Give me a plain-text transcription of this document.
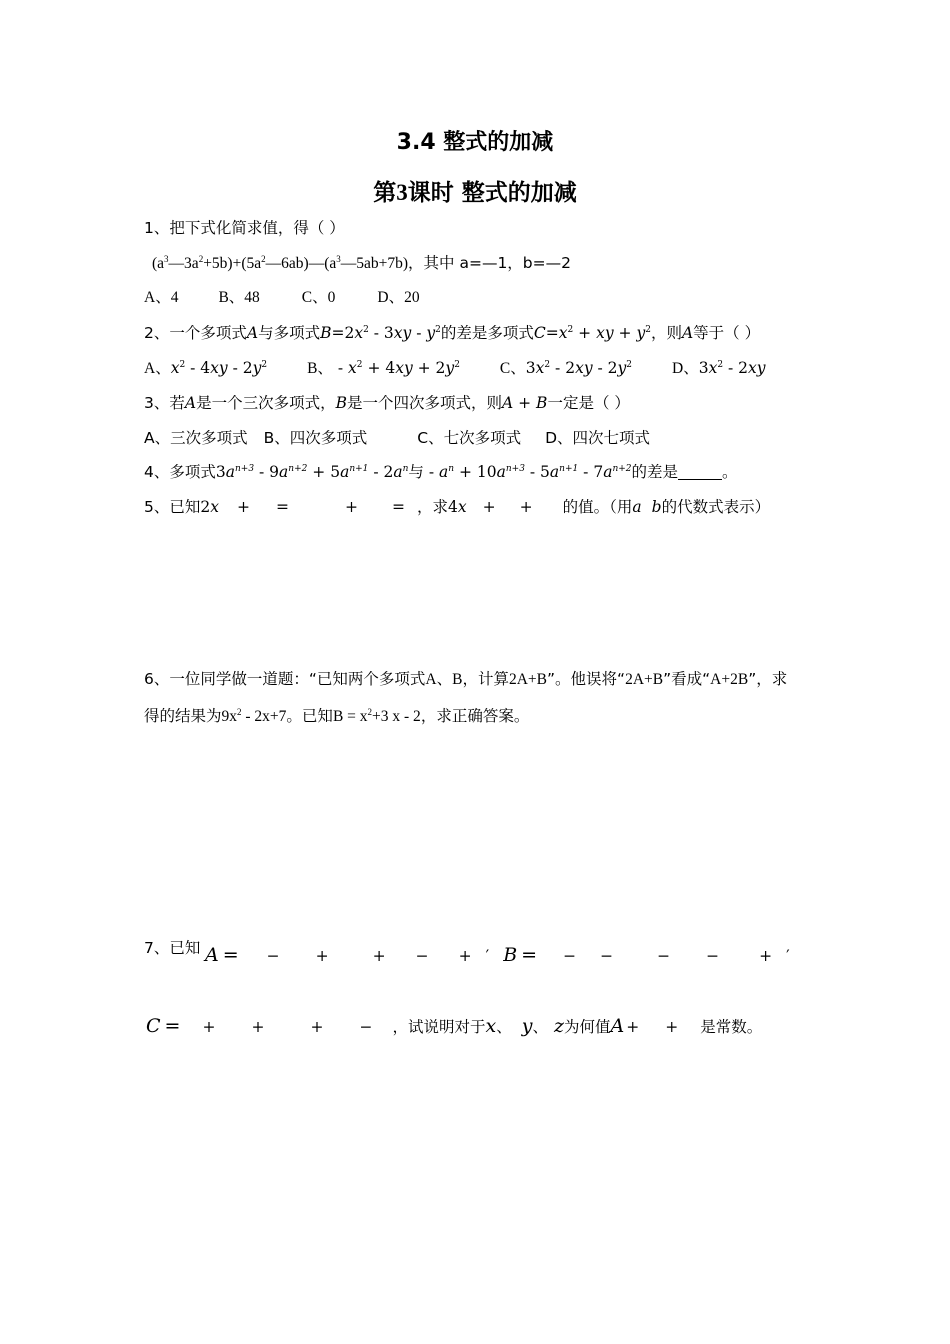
3.4 整式的加减
第3课时 整式的加减
1、把下式化简求值，得（ ）
$(a^3—3a^2+5b)+(5a^2—6ab)—(a^3—5ab+7b)$，其中 a=—1，b=—2
A、4	B、48	C、0	D、20
2、一个多项式A与多项式$B=2x^2 - 3xy - y^2$的差是多项式$C=x^2$ + xy + $y^2$，则A等于（ ）
A、$x^2 - 4xy - 2y^2$	B、 - $x^2 + 4xy + 2y^2$	C、$3x^2 - 2xy - 2y^2$	D、$3x^2 - 2xy$
3、若A是一个三次多项式，B是一个四次多项式，则A + B一定是（ ）
A、三次多项式 B、四次多项式	C、七次多项式 D、四次七项式
4、多项式$3a^{n+3} - 9a^{n+2} + 5a^{n+1} - 2a^n$与 - $a^n + 10a^{n+3} - 5a^{n+1} - 7a^{n+2}$的差是	。
5、已知2x + =	+ = ，求4x + + 的值。（用a b的代数式表示）
6、一位同学做一道题：“已知两个多项式A、B，计算2A+B”。他误将“2A+B”看成“A+2B”，求
得的结果为$9x^2 - 2x+7$。已知$B = x^2+3$ x - 2，求正确答案。
7、已知 A = − +	+ − + ′ B = − −	− −	+ ′
C = + +	+ − ，试说明对于x、 y、 z为何值A + + 是常数。
